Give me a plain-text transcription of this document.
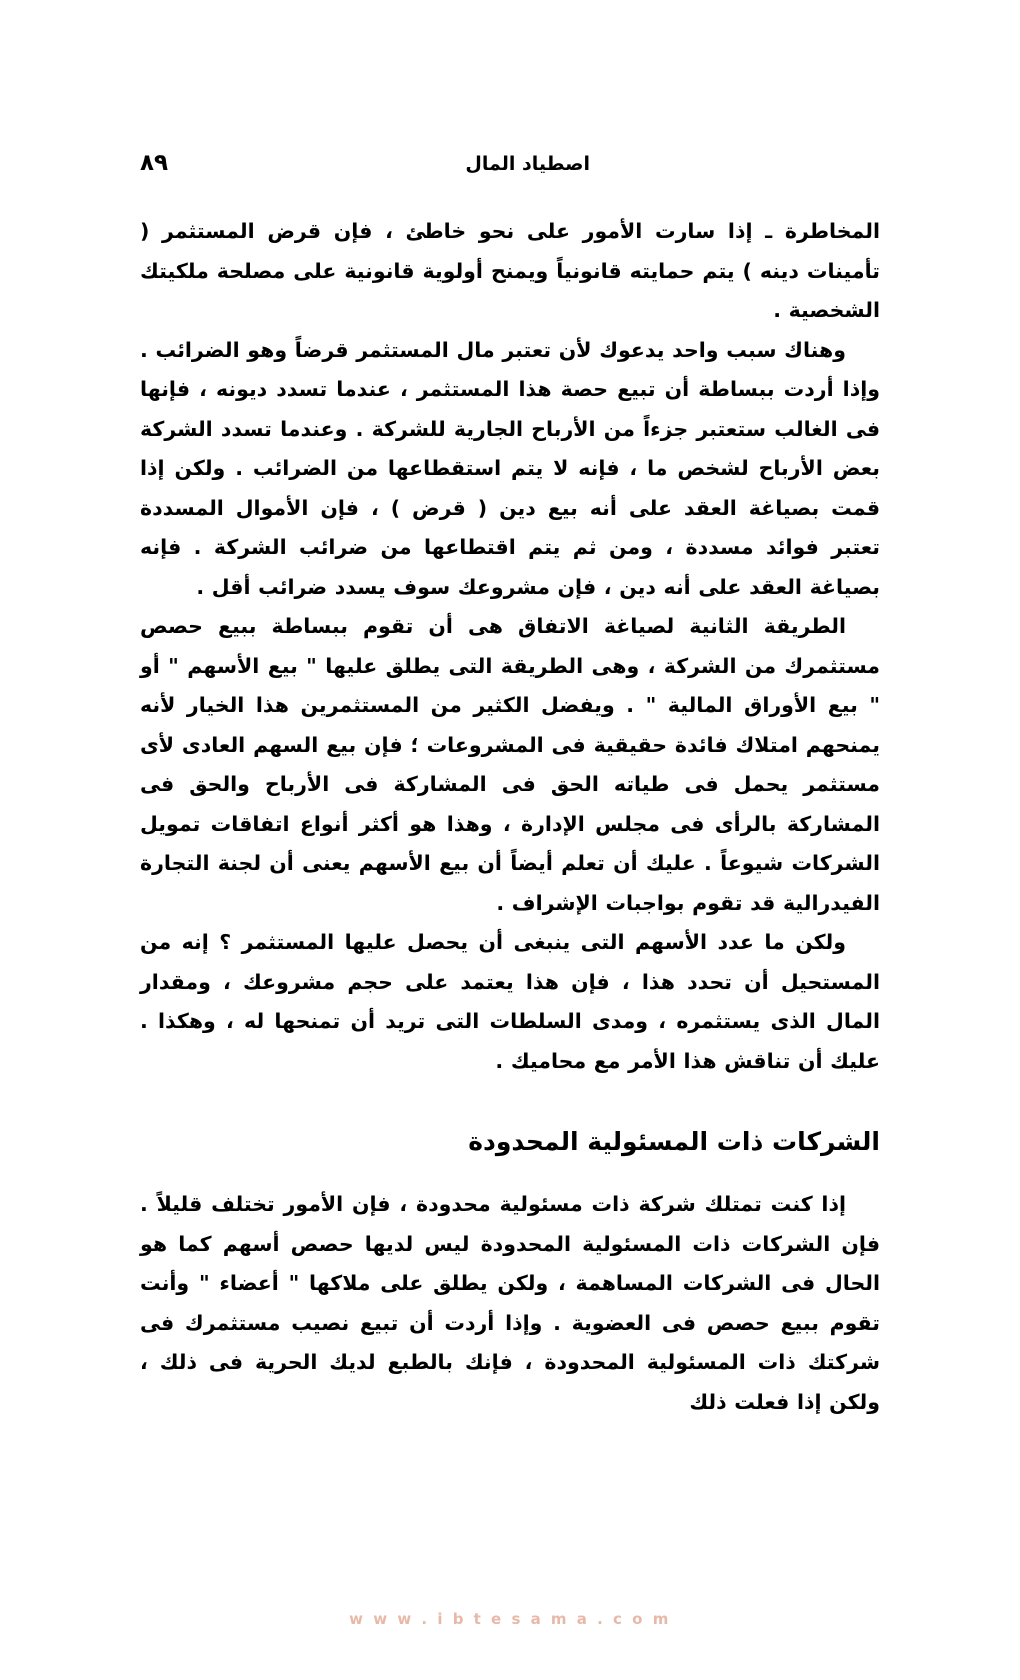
٨٩	اصطياد المال

المخاطرة ـ إذا سارت الأمور على نحو خاطئ ، فإن قرض المستثمر ( تأمينات دينه ) يتم حمايته قانونياً ويمنح أولوية قانونية على مصلحة ملكيتك الشخصية .

وهناك سبب واحد يدعوك لأن تعتبر مال المستثمر قرضاً وهو الضرائب . وإذا أردت ببساطة أن تبيع حصة هذا المستثمر ، عندما تسدد ديونه ، فإنها فى الغالب ستعتبر جزءاً من الأرباح الجارية للشركة . وعندما تسدد الشركة بعض الأرباح لشخص ما ، فإنه لا يتم استقطاعها من الضرائب . ولكن إذا قمت بصياغة العقد على أنه بيع دين ( قرض ) ، فإن الأموال المسددة تعتبر فوائد مسددة ، ومن ثم يتم اقتطاعها من ضرائب الشركة . فإنه بصياغة العقد على أنه دين ، فإن مشروعك سوف يسدد ضرائب أقل .

الطريقة الثانية لصياغة الاتفاق هى أن تقوم ببساطة ببيع حصص مستثمرك من الشركة ، وهى الطريقة التى يطلق عليها " بيع الأسهم " أو " بيع الأوراق المالية " . ويفضل الكثير من المستثمرين هذا الخيار لأنه يمنحهم امتلاك فائدة حقيقية فى المشروعات ؛ فإن بيع السهم العادى لأى مستثمر يحمل فى طياته الحق فى المشاركة فى الأرباح والحق فى المشاركة بالرأى فى مجلس الإدارة ، وهذا هو أكثر أنواع اتفاقات تمويل الشركات شيوعاً . عليك أن تعلم أيضاً أن بيع الأسهم يعنى أن لجنة التجارة الفيدرالية قد تقوم بواجبات الإشراف .

ولكن ما عدد الأسهم التى ينبغى أن يحصل عليها المستثمر ؟ إنه من المستحيل أن تحدد هذا ، فإن هذا يعتمد على حجم مشروعك ، ومقدار المال الذى يستثمره ، ومدى السلطات التى تريد أن تمنحها له ، وهكذا . عليك أن تناقش هذا الأمر مع محاميك .

الشركات ذات المسئولية المحدودة

إذا كنت تمتلك شركة ذات مسئولية محدودة ، فإن الأمور تختلف قليلاً . فإن الشركات ذات المسئولية المحدودة ليس لديها حصص أسهم كما هو الحال فى الشركات المساهمة ، ولكن يطلق على ملاكها " أعضاء " وأنت تقوم ببيع حصص فى العضوية . وإذا أردت أن تبيع نصيب مستثمرك فى شركتك ذات المسئولية المحدودة ، فإنك بالطبع لديك الحرية فى ذلك ، ولكن إذا فعلت ذلك

w w w . i b t e s a m a . c o m
